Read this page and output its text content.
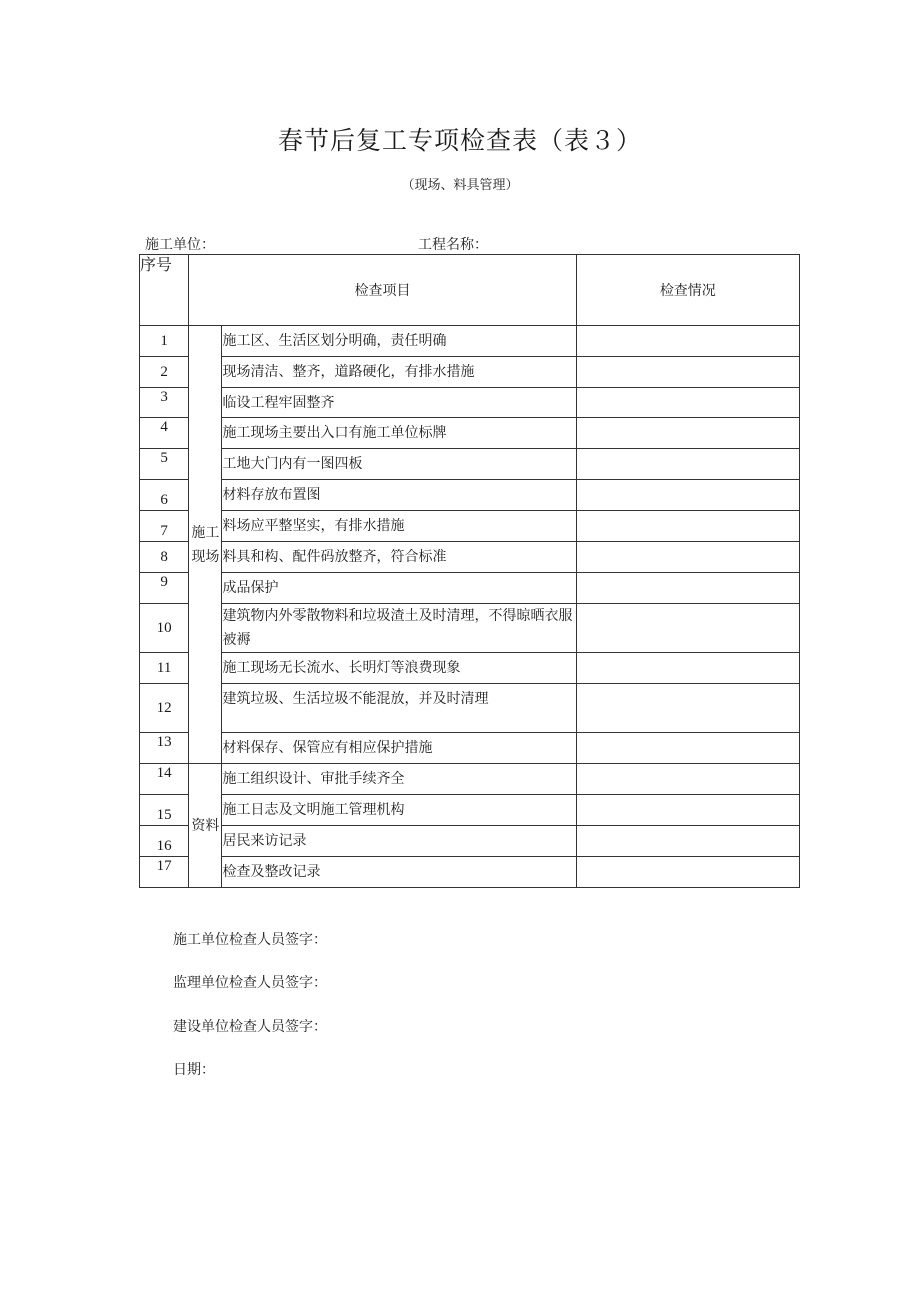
春节后复工专项检查表（表３）
（现场、料具管理）
施工单位：	工程名称：
序号	检查项目		检查情况
1	施工现场	施工区、生活区划分明确，责任明确	
2		现场清洁、整齐，道路硬化，有排水措施	
3		临设工程牢固整齐	
4		施工现场主要出入口有施工单位标牌	
5		工地大门内有一图四板	
6		材料存放布置图	
7		料场应平整坚实，有排水措施	
8		料具和构、配件码放整齐，符合标准	
9		成品保护	
10		建筑物内外零散物料和垃圾渣土及时清理，不得晾晒衣服被褥	
11		施工现场无长流水、长明灯等浪费现象	
12		建筑垃圾、生活垃圾不能混放，并及时清理	
13		材料保存、保管应有相应保护措施	
14	资料	施工组织设计、审批手续齐全	
15		施工日志及文明施工管理机构	
16		居民来访记录	
17		检查及整改记录	
施工单位检查人员签字：
监理单位检查人员签字：
建设单位检查人员签字：
日期：
